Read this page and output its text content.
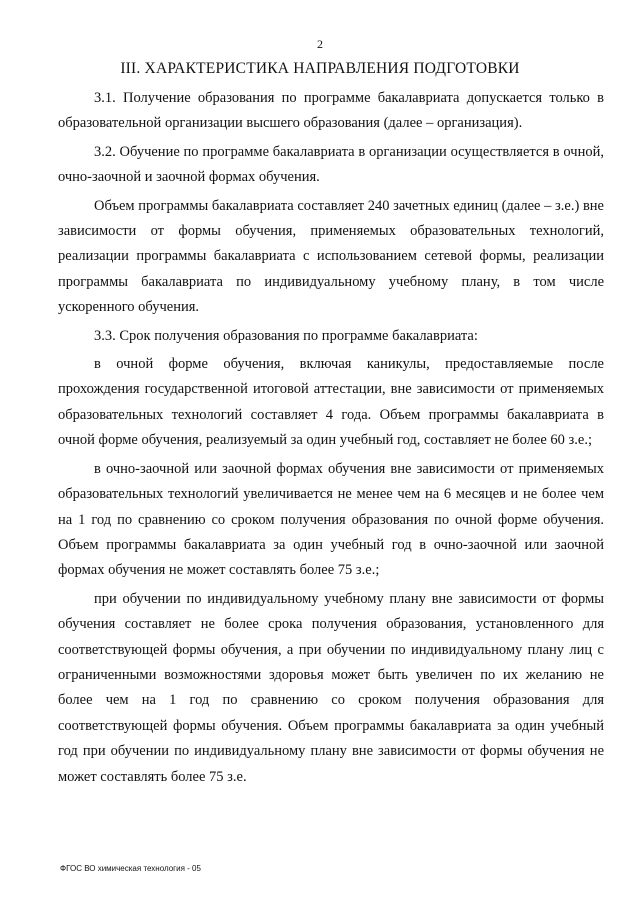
2
III. ХАРАКТЕРИСТИКА НАПРАВЛЕНИЯ ПОДГОТОВКИ

3.1. Получение образования по программе бакалавриата допускается только в образовательной организации высшего образования (далее – организация).

3.2. Обучение по программе бакалавриата в организации осуществляется в очной, очно-заочной и заочной формах обучения.

Объем программы бакалавриата составляет 240 зачетных единиц (далее – з.е.) вне зависимости от формы обучения, применяемых образовательных технологий, реализации программы бакалавриата с использованием сетевой формы, реализации программы бакалавриата по индивидуальному учебному плану, в том числе ускоренного обучения.

3.3. Срок получения образования по программе бакалавриата:

в очной форме обучения, включая каникулы, предоставляемые после прохождения государственной итоговой аттестации, вне зависимости от применяемых образовательных технологий составляет 4 года. Объем программы бакалавриата в очной форме обучения, реализуемый за один учебный год, составляет не более 60 з.е.;

в очно-заочной или заочной формах обучения вне зависимости от применяемых образовательных технологий увеличивается не менее чем на 6 месяцев и не более чем на 1 год по сравнению со сроком получения образования по очной форме обучения. Объем программы бакалавриата за один учебный год в очно-заочной или заочной формах обучения не может составлять более 75 з.е.;

при обучении по индивидуальному учебному плану вне зависимости от формы обучения составляет не более срока получения образования, установленного для соответствующей формы обучения, а при обучении по индивидуальному плану лиц с ограниченными возможностями здоровья может быть увеличен по их желанию не более чем на 1 год по сравнению со сроком получения образования для соответствующей формы обучения. Объем программы бакалавриата за один учебный год при обучении по индивидуальному плану вне зависимости от формы обучения не может составлять более 75 з.е.

ФГОС ВО химическая технология - 05
